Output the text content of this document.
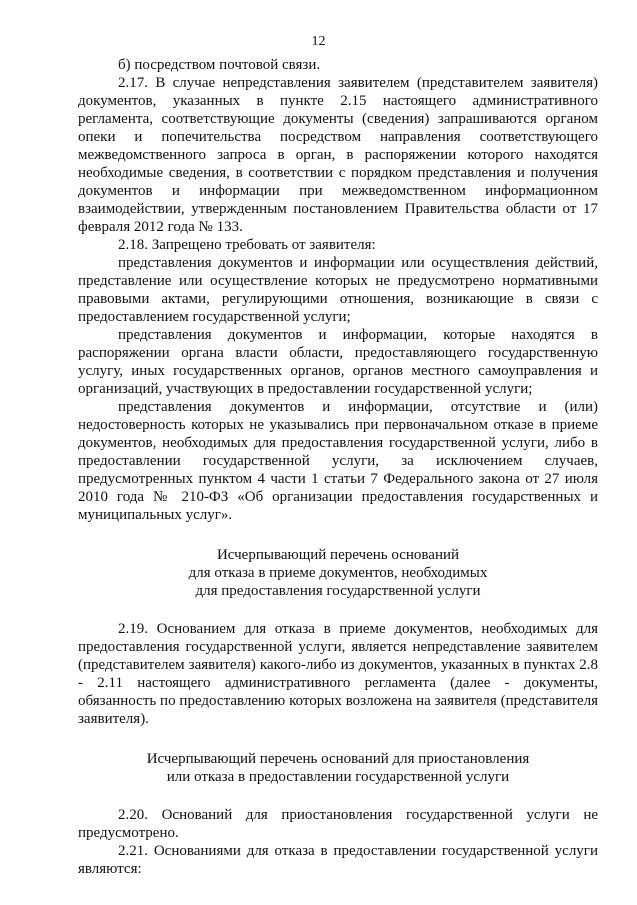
12

б) посредством почтовой связи.

2.17. В случае непредставления заявителем (представителем заявителя) документов, указанных в пункте 2.15 настоящего административного регламента, соответствующие документы (сведения) запрашиваются органом опеки и попечительства посредством направления соответствующего межведомственного запроса в орган, в распоряжении которого находятся необходимые сведения, в соответствии с порядком представления и получения документов и информации при межведомственном информационном взаимодействии, утвержденным постановлением Правительства области от 17 февраля 2012 года № 133.

2.18. Запрещено требовать от заявителя:

представления документов и информации или осуществления действий, представление или осуществление которых не предусмотрено нормативными правовыми актами, регулирующими отношения, возникающие в связи с предоставлением государственной услуги;

представления документов и информации, которые находятся в распоряжении органа власти области, предоставляющего государственную услугу, иных государственных органов, органов местного самоуправления и организаций, участвующих в предоставлении государственной услуги;

представления документов и информации, отсутствие и (или) недостоверность которых не указывались при первоначальном отказе в приеме документов, необходимых для предоставления государственной услуги, либо в предоставлении государственной услуги, за исключением случаев, предусмотренных пунктом 4 части 1 статьи 7 Федерального закона от 27 июля 2010 года № 210-ФЗ «Об организации предоставления государственных и муниципальных услуг».

Исчерпывающий перечень оснований
для отказа в приеме документов, необходимых
для предоставления государственной услуги

2.19. Основанием для отказа в приеме документов, необходимых для предоставления государственной услуги, является непредставление заявителем (представителем заявителя) какого-либо из документов, указанных в пунктах 2.8 - 2.11 настоящего административного регламента (далее - документы, обязанность по предоставлению которых возложена на заявителя (представителя заявителя).

Исчерпывающий перечень оснований для приостановления
или отказа в предоставлении государственной услуги

2.20. Оснований для приостановления государственной услуги не предусмотрено.

2.21. Основаниями для отказа в предоставлении государственной услуги являются:
